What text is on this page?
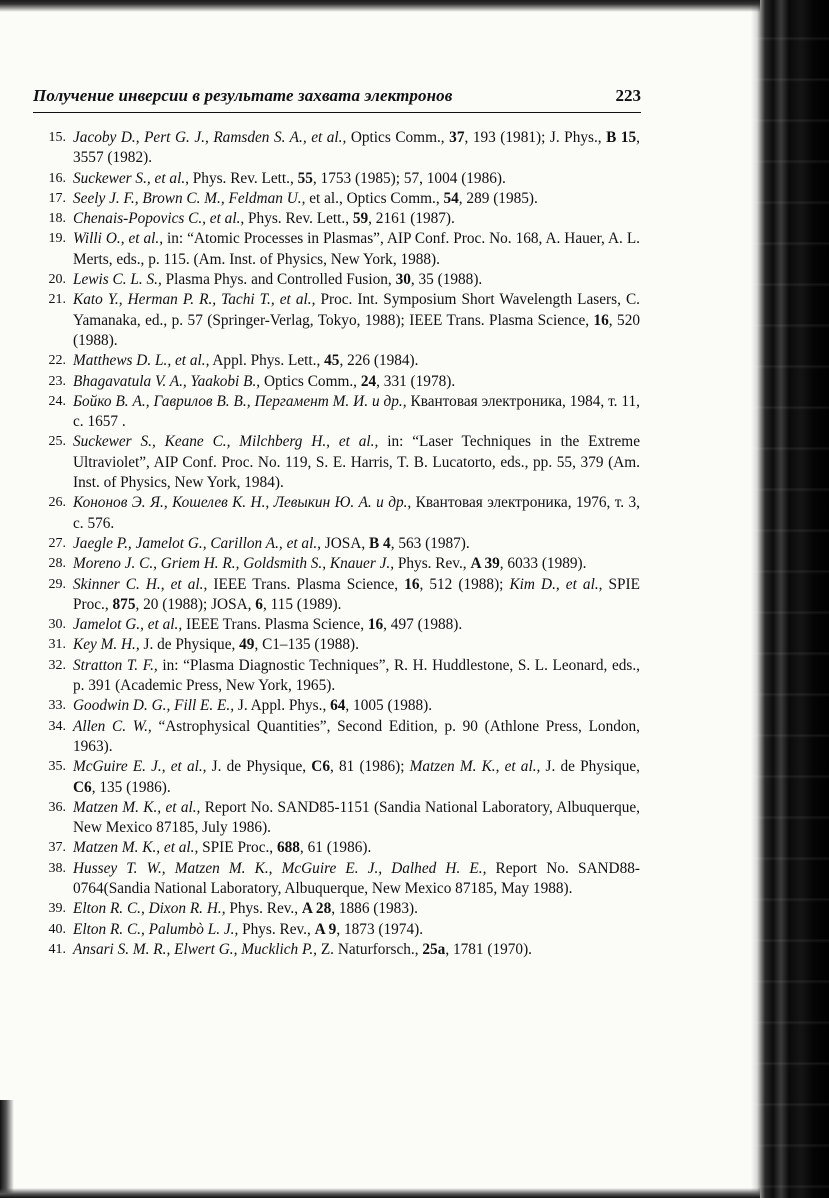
Получение инверсии в результате захвата электронов	223
15. Jacoby D., Pert G. J., Ramsden S. A., et al., Optics Comm., 37, 193 (1981); J. Phys., B 15, 3557 (1982).
16. Suckewer S., et al., Phys. Rev. Lett., 55, 1753 (1985); 57, 1004 (1986).
17. Seely J. F., Brown C. M., Feldman U., et al., Optics Comm., 54, 289 (1985).
18. Chenais-Popovics C., et al., Phys. Rev. Lett., 59, 2161 (1987).
19. Willi O., et al., in: “Atomic Processes in Plasmas”, AIP Conf. Proc. No. 168, A. Hauer, A. L. Merts, eds., p. 115. (Am. Inst. of Physics, New York, 1988).
20. Lewis C. L. S., Plasma Phys. and Controlled Fusion, 30, 35 (1988).
21. Kato Y., Herman P. R., Tachi T., et al., Proc. Int. Symposium Short Wavelength Lasers, C. Yamanaka, ed., p. 57 (Springer-Verlag, Tokyo, 1988); IEEE Trans. Plasma Science, 16, 520 (1988).
22. Matthews D. L., et al., Appl. Phys. Lett., 45, 226 (1984).
23. Bhagavatula V. A., Yaakobi B., Optics Comm., 24, 331 (1978).
24. Бойко В. А., Гаврилов В. В., Пергамент М. И. и др., Квантовая электроника, 1984, т. 11, с. 1657 .
25. Suckewer S., Keane C., Milchberg H., et al., in: “Laser Techniques in the Extreme Ultraviolet”, AIP Conf. Proc. No. 119, S. E. Harris, T. B. Lucatorto, eds., pp. 55, 379 (Am. Inst. of Physics, New York, 1984).
26. Кононов Э. Я., Кошелев К. Н., Левыкин Ю. А. и др., Квантовая электроника, 1976, т. 3, с. 576.
27. Jaegle P., Jamelot G., Carillon A., et al., JOSA, B 4, 563 (1987).
28. Moreno J. C., Griem H. R., Goldsmith S., Knauer J., Phys. Rev., A 39, 6033 (1989).
29. Skinner C. H., et al., IEEE Trans. Plasma Science, 16, 512 (1988); Kim D., et al., SPIE Proc., 875, 20 (1988); JOSA, 6, 115 (1989).
30. Jamelot G., et al., IEEE Trans. Plasma Science, 16, 497 (1988).
31. Key M. H., J. de Physique, 49, C1–135 (1988).
32. Stratton T. F., in: “Plasma Diagnostic Techniques”, R. H. Huddlestone, S. L. Leonard, eds., p. 391 (Academic Press, New York, 1965).
33. Goodwin D. G., Fill E. E., J. Appl. Phys., 64, 1005 (1988).
34. Allen C. W., “Astrophysical Quantities”, Second Edition, p. 90 (Athlone Press, London, 1963).
35. McGuire E. J., et al., J. de Physique, C6, 81 (1986); Matzen M. K., et al., J. de Physique, C6, 135 (1986).
36. Matzen M. K., et al., Report No. SAND85-1151 (Sandia National Laboratory, Albuquerque, New Mexico 87185, July 1986).
37. Matzen M. K., et al., SPIE Proc., 688, 61 (1986).
38. Hussey T. W., Matzen M. K., McGuire E. J., Dalhed H. E., Report No. SAND88-0764(Sandia National Laboratory, Albuquerque, New Mexico 87185, May 1988).
39. Elton R. C., Dixon R. H., Phys. Rev., A 28, 1886 (1983).
40. Elton R. C., Palumbò L. J., Phys. Rev., A 9, 1873 (1974).
41. Ansari S. M. R., Elwert G., Mucklich P., Z. Naturforsch., 25a, 1781 (1970).
